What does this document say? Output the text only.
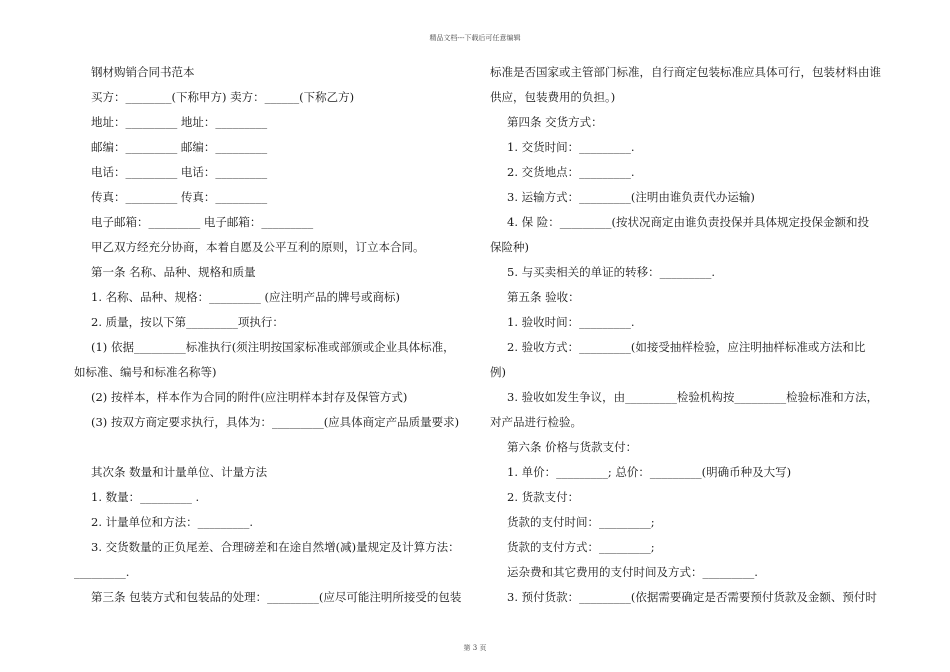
精品文档---下载后可任意编辑
钢材购销合同书范本
买方：________(下称甲方) 卖方：______(下称乙方)
地址：_________ 地址：_________
邮编：_________ 邮编：_________
电话：_________ 电话：_________
传真：_________ 传真：_________
电子邮箱：_________ 电子邮箱：_________
甲乙双方经充分协商，本着自愿及公平互利的原则，订立本合同。
第一条 名称、品种、规格和质量
1. 名称、品种、规格：_________ (应注明产品的牌号或商标)
2. 质量，按以下第_________项执行：
(1) 依据_________标准执行(须注明按国家标准或部颁或企业具体标准，
如标准、编号和标准名称等)
(2) 按样本，样本作为合同的附件(应注明样本封存及保管方式)
(3) 按双方商定要求执行，具体为：_________(应具体商定产品质量要求)
其次条 数量和计量单位、计量方法
1. 数量：_________ .
2. 计量单位和方法：_________.
3. 交货数量的正负尾差、合理磅差和在途自然增(减)量规定及计算方法：
_________.
第三条 包装方式和包装品的处理：_________(应尽可能注明所接受的包装
标准是否国家或主管部门标准，自行商定包装标准应具体可行，包装材料由谁
供应，包装费用的负担。)
第四条 交货方式：
1. 交货时间：_________.
2. 交货地点：_________.
3. 运输方式：_________(注明由谁负责代办运输)
4. 保 险：_________(按状况商定由谁负责投保并具体规定投保金额和投
保险种)
5. 与买卖相关的单证的转移：_________.
第五条 验收：
1. 验收时间：_________.
2. 验收方式：_________(如接受抽样检验，应注明抽样标准或方法和比
例)
3. 验收如发生争议，由_________检验机构按_________检验标准和方法，
对产品进行检验。
第六条 价格与货款支付：
1. 单价：_________; 总价：_________(明确币种及大写)
2. 货款支付：
货款的支付时间：_________;
货款的支付方式：_________;
运杂费和其它费用的支付时间及方式：_________.
3. 预付货款：_________(依据需要确定是否需要预付货款及金额、预付时
第 3 页
